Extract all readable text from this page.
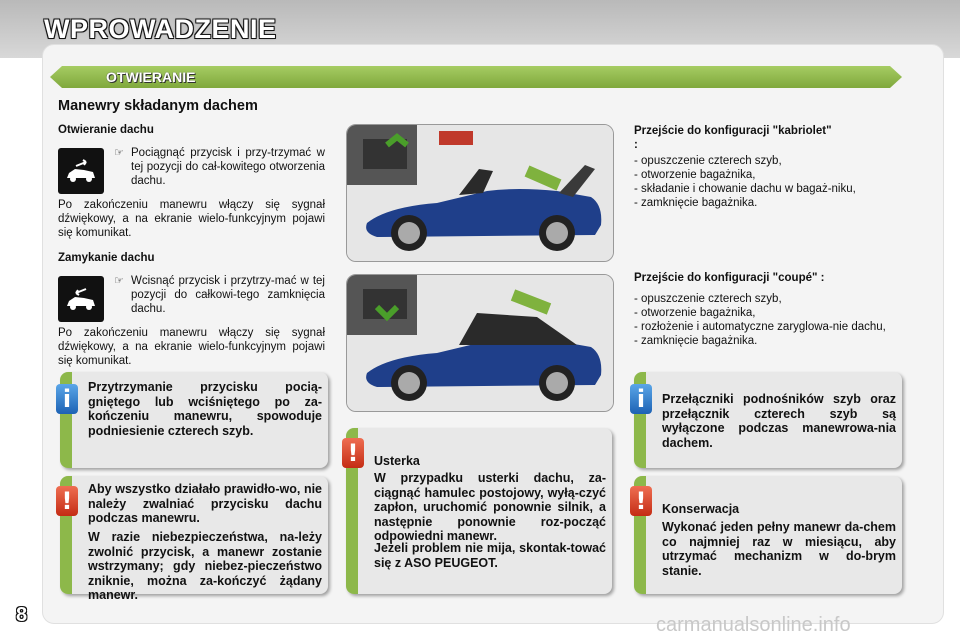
WPROWADZENIE
OTWIERANIE
Manewry składanym dachem
Otwieranie dachu
☞ Pociągnąć przycisk i przy-trzymać w tej pozycji do cał-kowitego otworzenia dachu.

Po zakończeniu manewru włączy się sygnał dźwiękowy, a na ekranie wielo-funkcyjnym pojawi się komunikat.

Zamykanie dachu
☞ Wcisnąć przycisk i przytrzy-mać w tej pozycji do całkowi-tego zamknięcia dachu.

Po zakończeniu manewru włączy się sygnał dźwiękowy, a na ekranie wielo-funkcyjnym pojawi się komunikat.

Przejście do konfiguracji "kabriolet" :
- opuszczenie czterech szyb,
- otworzenie bagażnika,
- składanie i chowanie dachu w bagaż-niku,
- zamknięcie bagażnika.
Przejście do konfiguracji "coupé" :
- opuszczenie czterech szyb,
- otworzenie bagażnika,
- rozłożenie i automatyczne zaryglowa-nie dachu,
- zamknięcie bagażnika.
i	Przytrzymanie przycisku pocią-gniętego lub wciśniętego po za-kończeniu manewru, spowoduje podniesienie czterech szyb.

!	Aby wszystko działało prawidło-wo, nie należy zwalniać przycisku dachu podczas manewru.

W razie niebezpieczeństwa, na-leży zwolnić przycisk, a manewr zostanie wstrzymany; gdy niebez-pieczeństwo zniknie, można za-kończyć żądany manewr.

!	Usterka

W przypadku usterki dachu, za-ciągnąć hamulec postojowy, wyłą-czyć zapłon, uruchomić ponownie silnik, a następnie ponownie roz-począć odpowiedni manewr.

Jeżeli problem nie mija, skontak-tować się z ASO PEUGEOT.

i	Przełączniki podnośników szyb oraz przełącznik czterech szyb są wyłączone podczas manewrowa-nia dachem.

!	Konserwacja

Wykonać jeden pełny manewr da-chem co najmniej raz w miesiącu, aby utrzymać mechanizm w do-brym stanie.

8	carmanualsonline.info
